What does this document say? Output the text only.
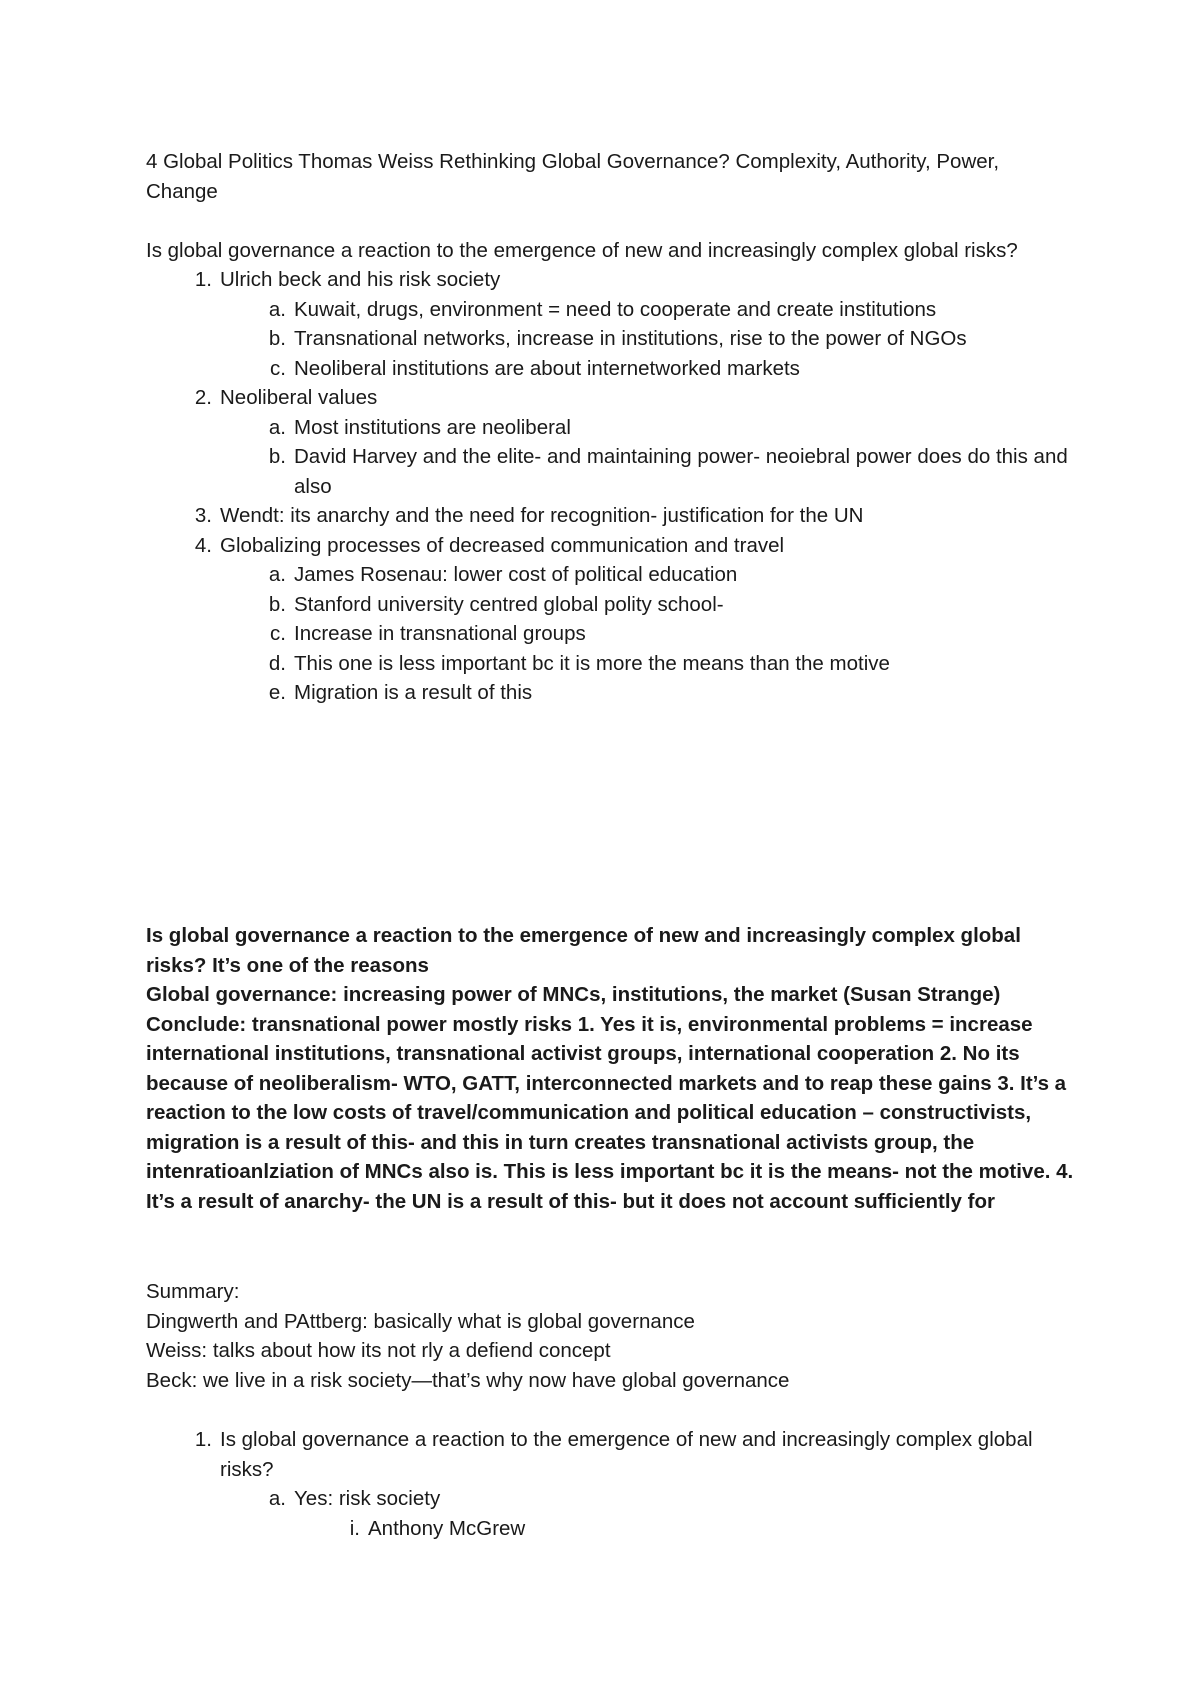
4 Global Politics Thomas Weiss Rethinking Global Governance? Complexity, Authority, Power,
Change

Is global governance a reaction to the emergence of new and increasingly complex global risks?

1. Ulrich beck and his risk society
a. Kuwait, drugs, environment = need to cooperate and create institutions
b. Transnational networks, increase in institutions, rise to the power of NGOs
c. Neoliberal institutions are about internetworked markets
2. Neoliberal values
a. Most institutions are neoliberal
b. David Harvey and the elite- and maintaining power- neoiebral power does do this and also
3. Wendt: its anarchy and the need for recognition- justification for the UN
4. Globalizing processes of decreased communication and travel
a. James Rosenau: lower cost of political education
b. Stanford university centred global polity school-
c. Increase in transnational groups
d. This one is less important bc it is more the means than the motive
e. Migration is a result of this

Is global governance a reaction to the emergence of new and increasingly complex global risks? It’s one of the reasons

Global governance: increasing power of MNCs, institutions, the market (Susan Strange)

Conclude: transnational power mostly risks 1. Yes it is, environmental problems = increase international institutions, transnational activist groups, international cooperation 2. No its because of neoliberalism- WTO, GATT, interconnected markets and to reap these gains 3. It’s a reaction to the low costs of travel/communication and political education – constructivists, migration is a result of this- and this in turn creates transnational activists group, the intenratioanlziation of MNCs also is. This is less important bc it is the means- not the motive. 4. It’s a result of anarchy- the UN is a result of this- but it does not account sufficiently for

Summary:

Dingwerth and PAttberg: basically what is global governance

Weiss: talks about how its not rly a defiend concept

Beck: we live in a risk society—that’s why now have global governance

1. Is global governance a reaction to the emergence of new and increasingly complex global risks?
a. Yes: risk society
i. Anthony McGrew
